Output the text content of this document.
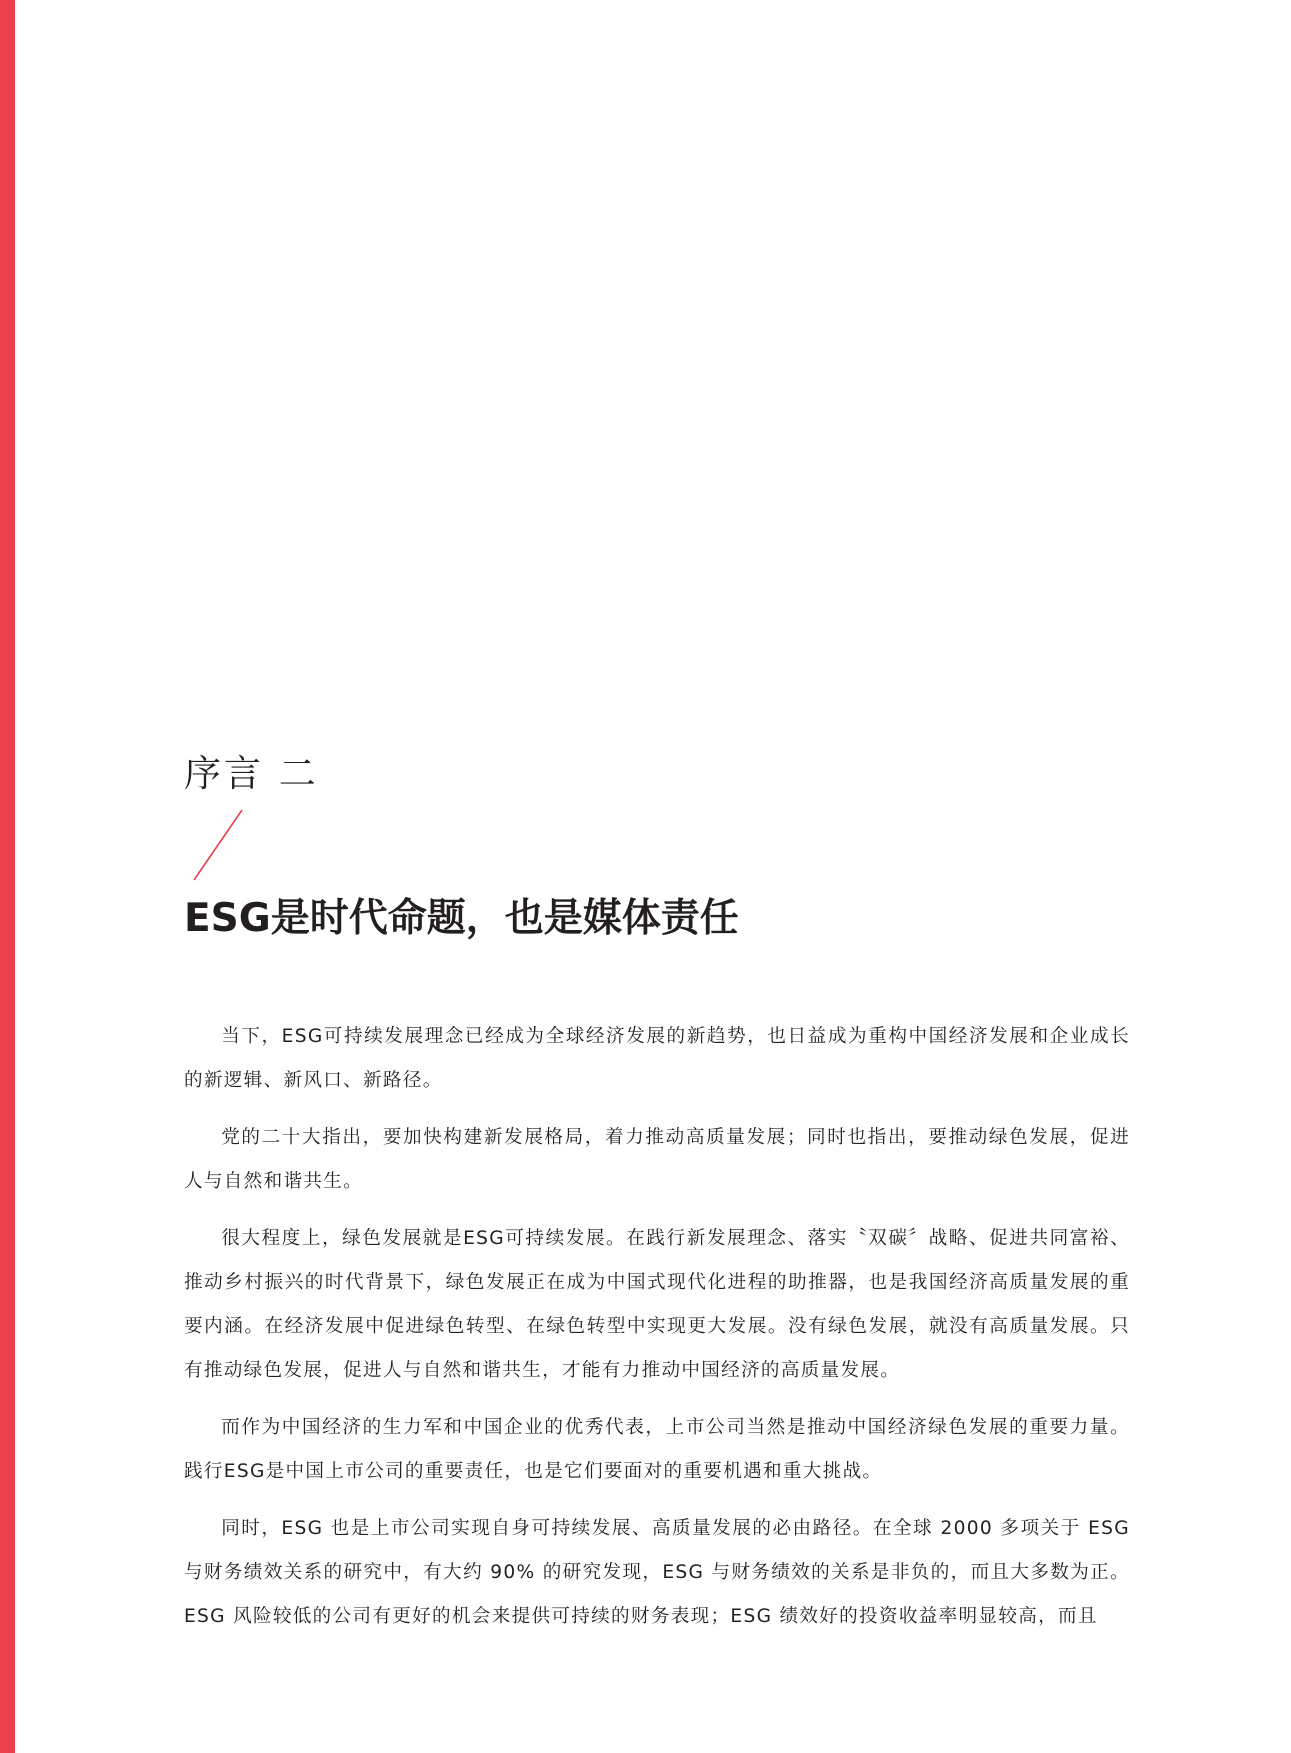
序言 二
ESG是时代命题，也是媒体责任

当下，ESG可持续发展理念已经成为全球经济发展的新趋势，也日益成为重构中国经济发展和企业成长的新逻辑、新风口、新路径。

党的二十大指出，要加快构建新发展格局，着力推动高质量发展；同时也指出，要推动绿色发展，促进人与自然和谐共生。

很大程度上，绿色发展就是ESG可持续发展。在践行新发展理念、落实〝双碳〞战略、促进共同富裕、推动乡村振兴的时代背景下，绿色发展正在成为中国式现代化进程的助推器，也是我国经济高质量发展的重要内涵。在经济发展中促进绿色转型、在绿色转型中实现更大发展。没有绿色发展，就没有高质量发展。只有推动绿色发展，促进人与自然和谐共生，才能有力推动中国经济的高质量发展。

而作为中国经济的生力军和中国企业的优秀代表，上市公司当然是推动中国经济绿色发展的重要力量。践行ESG是中国上市公司的重要责任，也是它们要面对的重要机遇和重大挑战。

同时，ESG 也是上市公司实现自身可持续发展、高质量发展的必由路径。在全球 2000 多项关于 ESG 与财务绩效关系的研究中，有大约 90% 的研究发现，ESG 与财务绩效的关系是非负的，而且大多数为正。ESG 风险较低的公司有更好的机会来提供可持续的财务表现；ESG 绩效好的投资收益率明显较高，而且
